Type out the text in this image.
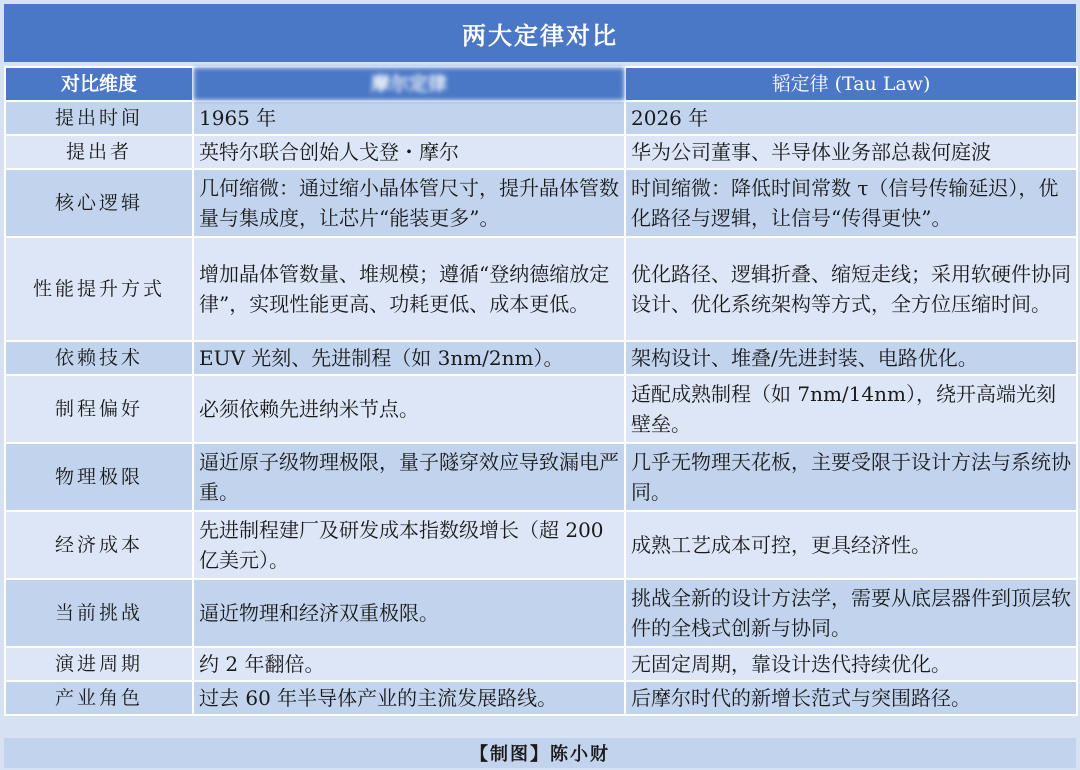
两大定律对比
对比维度	摩尔定律	韬定律 (Tau Law)
提出时间	1965 年	2026 年
提出者	英特尔联合创始人戈登・摩尔	华为公司董事、半导体业务部总裁何庭波
核心逻辑	几何缩微：通过缩小晶体管尺寸，提升晶体管数量与集成度，让芯片“能装更多”。	时间缩微：降低时间常数 τ（信号传输延迟），优化路径与逻辑，让信号“传得更快”。
性能提升方式	增加晶体管数量、堆规模；遵循“登纳德缩放定律”，实现性能更高、功耗更低、成本更低。	优化路径、逻辑折叠、缩短走线；采用软硬件协同设计、优化系统架构等方式，全方位压缩时间。
依赖技术	EUV 光刻、先进制程（如 3nm/2nm）。	架构设计、堆叠/先进封装、电路优化。
制程偏好	必须依赖先进纳米节点。	适配成熟制程（如 7nm/14nm），绕开高端光刻壁垒。
物理极限	逼近原子级物理极限，量子隧穿效应导致漏电严重。	几乎无物理天花板，主要受限于设计方法与系统协同。
经济成本	先进制程建厂及研发成本指数级增长（超 200 亿美元）。	成熟工艺成本可控，更具经济性。
当前挑战	逼近物理和经济双重极限。	挑战全新的设计方法学，需要从底层器件到顶层软件的全栈式创新与协同。
演进周期	约 2 年翻倍。	无固定周期，靠设计迭代持续优化。
产业角色	过去 60 年半导体产业的主流发展路线。	后摩尔时代的新增长范式与突围路径。
【制图】陈小财
